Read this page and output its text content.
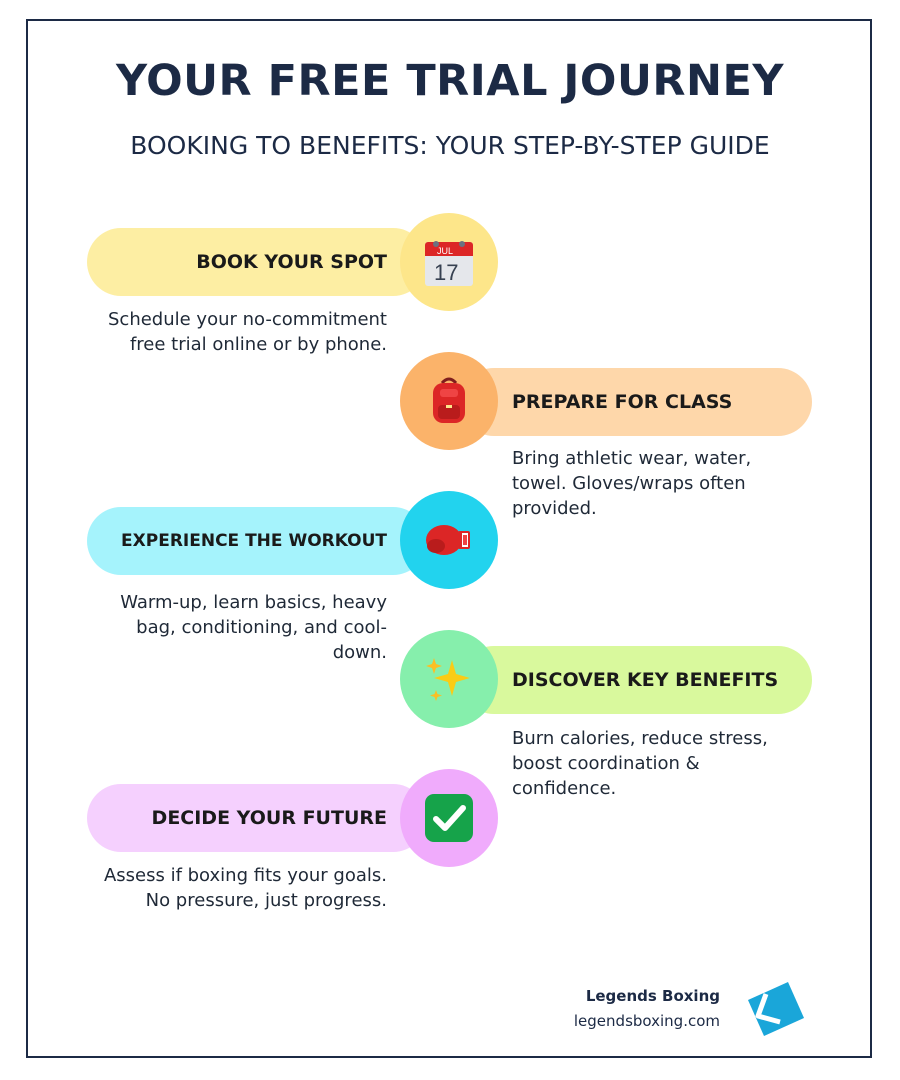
YOUR FREE TRIAL JOURNEY
BOOKING TO BENEFITS: YOUR STEP-BY-STEP GUIDE
BOOK YOUR SPOT	JUL
17
Schedule your no-commitment free trial online or by phone.
PREPARE FOR CLASS
Bring athletic wear, water, towel. Gloves/wraps often provided.
EXPERIENCE THE WORKOUT
Warm-up, learn basics, heavy bag, conditioning, and cool-down.
DISCOVER KEY BENEFITS
Burn calories, reduce stress, boost coordination & confidence.
DECIDE YOUR FUTURE
Assess if boxing fits your goals. No pressure, just progress.
Legends Boxing
legendsboxing.com
